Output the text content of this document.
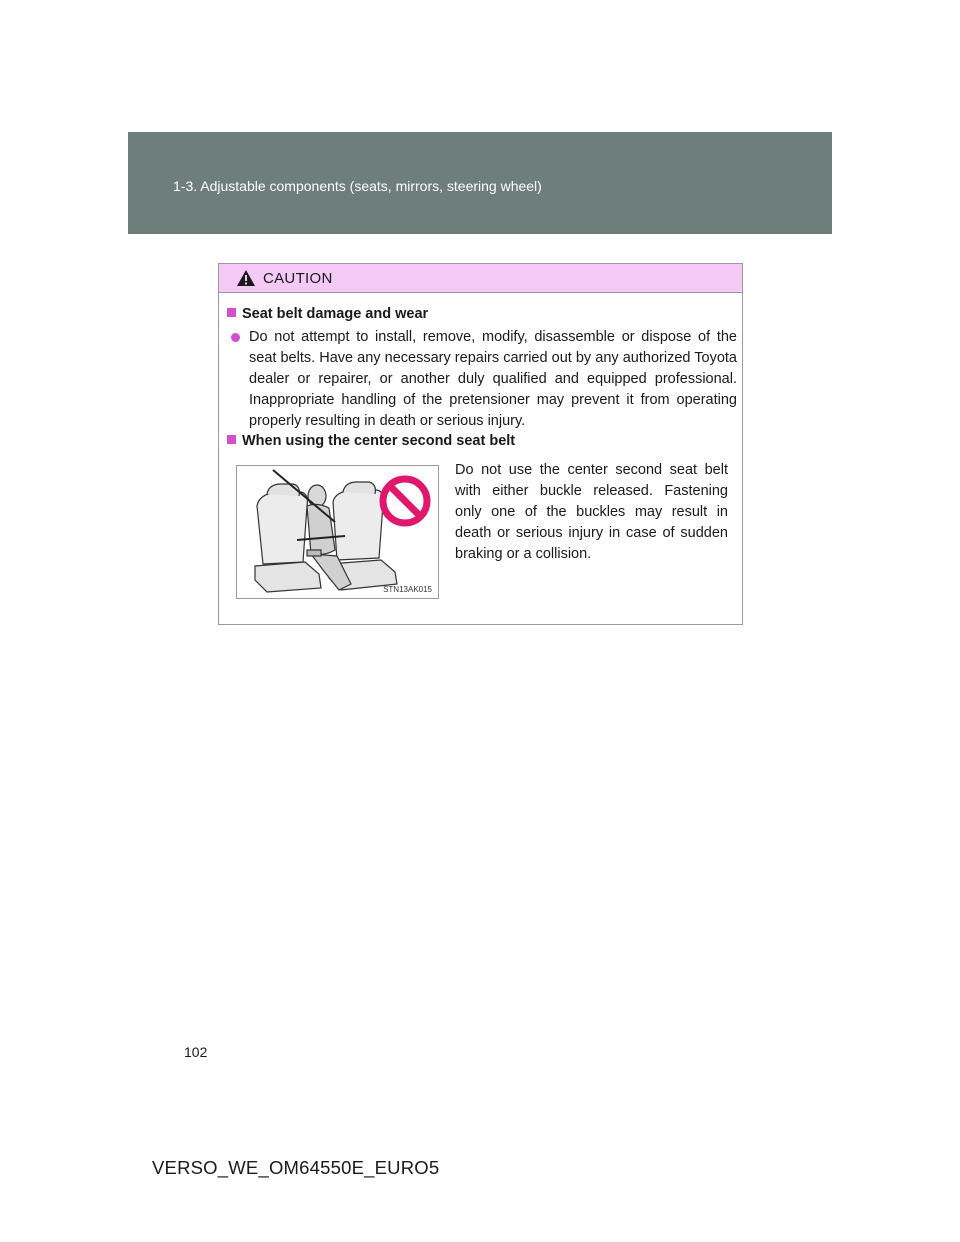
1-3. Adjustable components (seats, mirrors, steering wheel)
CAUTION
Seat belt damage and wear
Do not attempt to install, remove, modify, disassemble or dispose of the seat belts. Have any necessary repairs carried out by any authorized Toyota dealer or repairer, or another duly qualified and equipped professional. Inappropriate handling of the pretensioner may prevent it from operating properly resulting in death or serious injury.
When using the center second seat belt
STN13AK015
Do not use the center second seat belt with either buckle released. Fastening only one of the buckles may result in death or serious injury in case of sudden braking or a collision.
102
VERSO_WE_OM64550E_EURO5
